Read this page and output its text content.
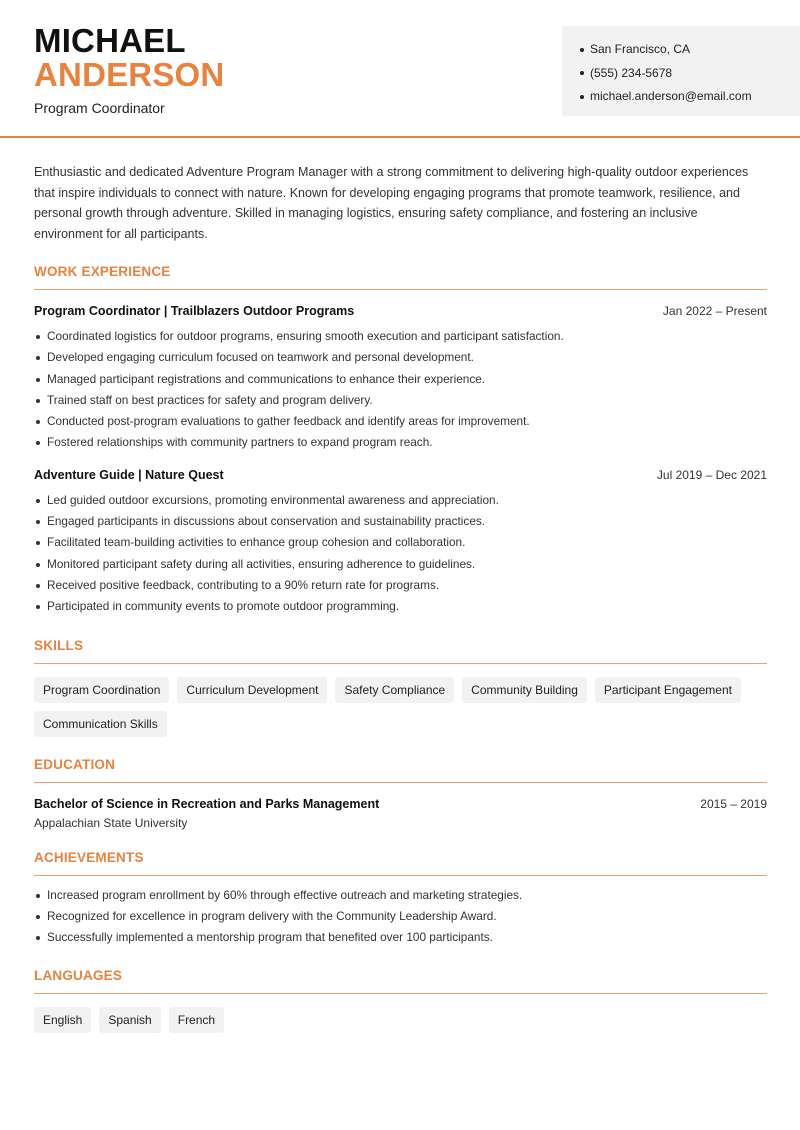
MICHAEL
ANDERSON
Program Coordinator
San Francisco, CA
(555) 234-5678
michael.anderson@email.com

Enthusiastic and dedicated Adventure Program Manager with a strong commitment to delivering high-quality outdoor experiences that inspire individuals to connect with nature. Known for developing engaging programs that promote teamwork, resilience, and personal growth through adventure. Skilled in managing logistics, ensuring safety compliance, and fostering an inclusive environment for all participants.

WORK EXPERIENCE
Program Coordinator | Trailblazers Outdoor Programs	Jan 2022 – Present
Coordinated logistics for outdoor programs, ensuring smooth execution and participant satisfaction.
Developed engaging curriculum focused on teamwork and personal development.
Managed participant registrations and communications to enhance their experience.
Trained staff on best practices for safety and program delivery.
Conducted post-program evaluations to gather feedback and identify areas for improvement.
Fostered relationships with community partners to expand program reach.
Adventure Guide | Nature Quest	Jul 2019 – Dec 2021
Led guided outdoor excursions, promoting environmental awareness and appreciation.
Engaged participants in discussions about conservation and sustainability practices.
Facilitated team-building activities to enhance group cohesion and collaboration.
Monitored participant safety during all activities, ensuring adherence to guidelines.
Received positive feedback, contributing to a 90% return rate for programs.
Participated in community events to promote outdoor programming.
SKILLS
Program Coordination	Curriculum Development	Safety Compliance	Community Building	Participant Engagement
Communication Skills
EDUCATION
Bachelor of Science in Recreation and Parks Management	2015 – 2019
Appalachian State University
ACHIEVEMENTS
Increased program enrollment by 60% through effective outreach and marketing strategies.
Recognized for excellence in program delivery with the Community Leadership Award.
Successfully implemented a mentorship program that benefited over 100 participants.
LANGUAGES
English	Spanish	French
